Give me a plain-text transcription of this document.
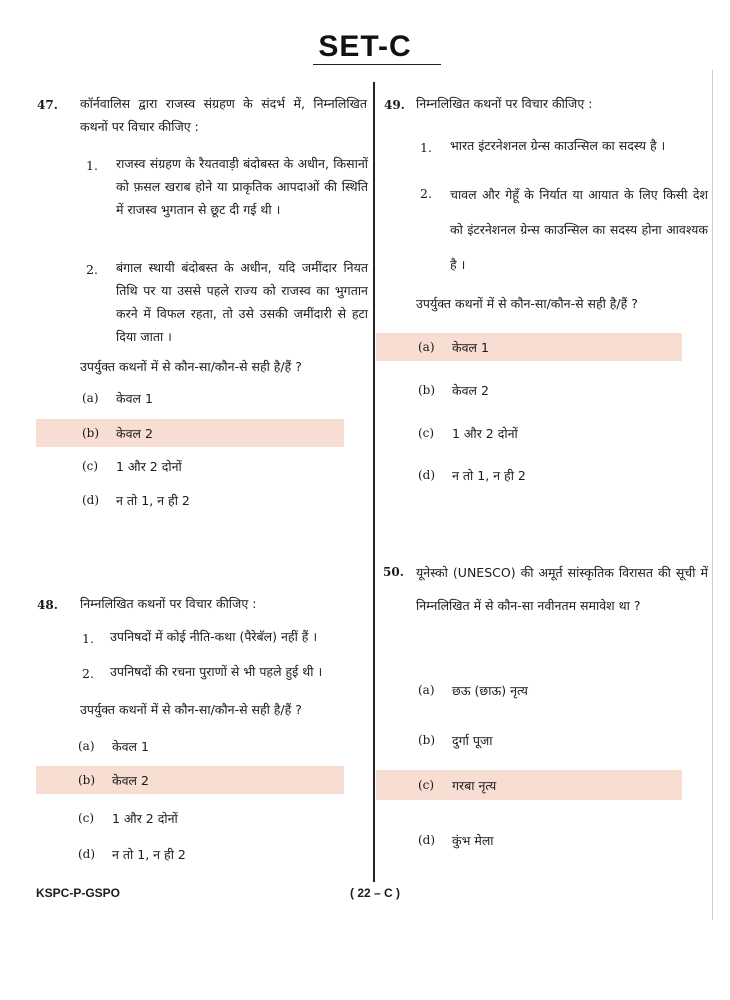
SET-C
47. कॉर्नवालिस द्वारा राजस्व संग्रहण के संदर्भ में, निम्नलिखित कथनों पर विचार कीजिए :
1. राजस्व संग्रहण के रैयतवाड़ी बंदोबस्त के अधीन, किसानों को फ़सल खराब होने या प्राकृतिक आपदाओं की स्थिति में राजस्व भुगतान से छूट दी गई थी ।
2. बंगाल स्थायी बंदोबस्त के अधीन, यदि जमींदार नियत तिथि पर या उससे पहले राज्य को राजस्व का भुगतान करने में विफल रहता, तो उसे उसकी जमींदारी से हटा दिया जाता ।
उपर्युक्त कथनों में से कौन-सा/कौन-से सही है/हैं ?
(a)	केवल 1
(b)	केवल 2
(c)	1 और 2 दोनों
(d)	न तो 1, न ही 2
48. निम्नलिखित कथनों पर विचार कीजिए :
1. उपनिषदों में कोई नीति-कथा (पैरेबॅल) नहीं हैं ।
2. उपनिषदों की रचना पुराणों से भी पहले हुई थी ।
उपर्युक्त कथनों में से कौन-सा/कौन-से सही है/हैं ?
(a)	केवल 1
(b)	केवल 2
(c)	1 और 2 दोनों
(d)	न तो 1, न ही 2
49. निम्नलिखित कथनों पर विचार कीजिए :
1. भारत इंटरनेशनल ग्रेन्स काउन्सिल का सदस्य है ।
2. चावल और गेहूँ के निर्यात या आयात के लिए किसी देश को इंटरनेशनल ग्रेन्स काउन्सिल का सदस्य होना आवश्यक है ।
उपर्युक्त कथनों में से कौन-सा/कौन-से सही है/हैं ?
(a)	केवल 1
(b)	केवल 2
(c)	1 और 2 दोनों
(d)	न तो 1, न ही 2
50. यूनेस्को (UNESCO) की अमूर्त सांस्कृतिक विरासत की सूची में निम्नलिखित में से कौन-सा नवीनतम समावेश था ?
(a)	छऊ (छाऊ) नृत्य
(b)	दुर्गा पूजा
(c)	गरबा नृत्य
(d)	कुंभ मेला
KSPC-P-GSPO	( 22 – C )
